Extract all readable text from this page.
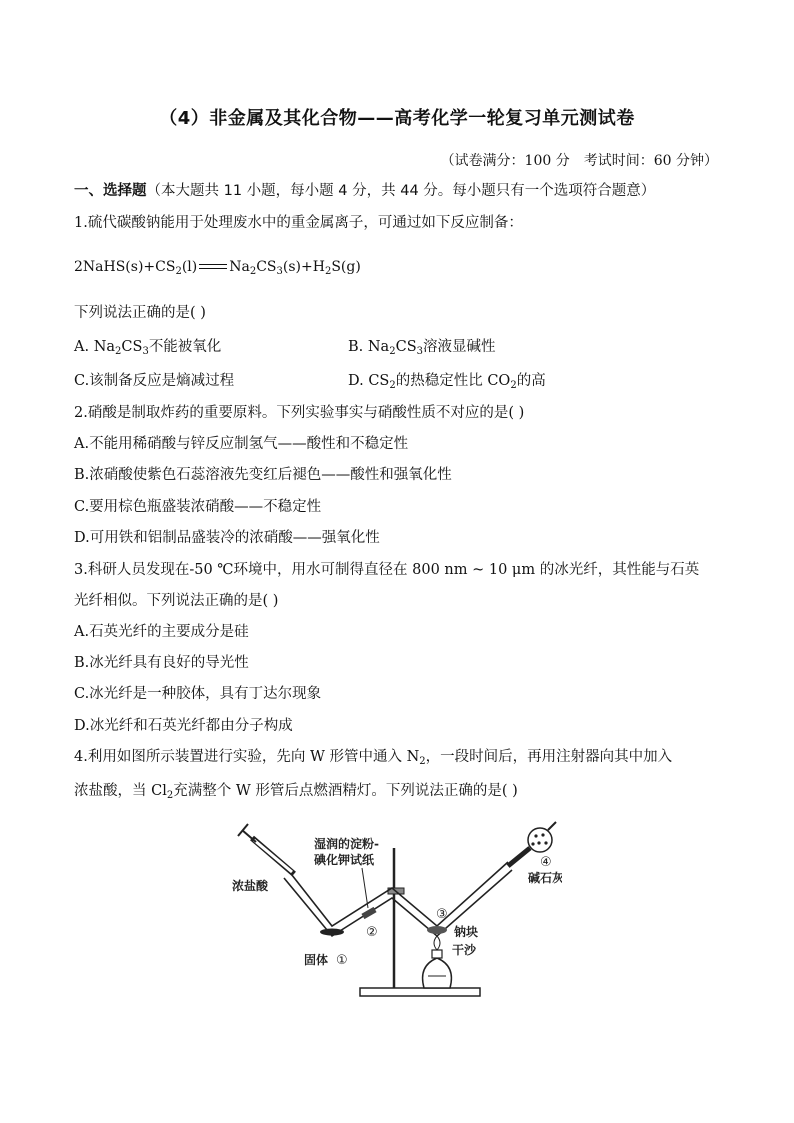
（4）非金属及其化合物——高考化学一轮复习单元测试卷
（试卷满分：100 分　考试时间：60 分钟）
一、选择题（本大题共 11 小题，每小题 4 分，共 44 分。每小题只有一个选项符合题意）
1.硫代碳酸钠能用于处理废水中的重金属离子，可通过如下反应制备：
$2NaHS(s)+CS_2(l)$ $Na_2CS_3(s)+H_2S(g)$
下列说法正确的是( )
A. $Na_2CS_3$不能被氧化	B. $Na_2CS_3$溶液显碱性
C.该制备反应是熵减过程	D. $CS_2$的热稳定性比 $CO_2$的高
2.硝酸是制取炸药的重要原料。下列实验事实与硝酸性质不对应的是( )
A.不能用稀硝酸与锌反应制氢气——酸性和不稳定性
B.浓硝酸使紫色石蕊溶液先变红后褪色——酸性和强氧化性
C.要用棕色瓶盛装浓硝酸——不稳定性
D.可用铁和铝制品盛装冷的浓硝酸——强氧化性
3.科研人员发现在-50 ℃环境中，用水可制得直径在 800 nm ~ 10 μm 的冰光纤，其性能与石英
光纤相似。下列说法正确的是( )
A.石英光纤的主要成分是硅
B.冰光纤具有良好的导光性
C.冰光纤是一种胶体，具有丁达尔现象
D.冰光纤和石英光纤都由分子构成
4.利用如图所示装置进行实验，先向 W 形管中通入 $N_2$，一段时间后，再用注射器向其中加入
浓盐酸，当 $Cl_2$充满整个 W 形管后点燃酒精灯。下列说法正确的是( )
浓盐酸
湿润的淀粉-
碘化钾试纸
固体 ①
②
③
钠块
干沙
④
碱石灰
